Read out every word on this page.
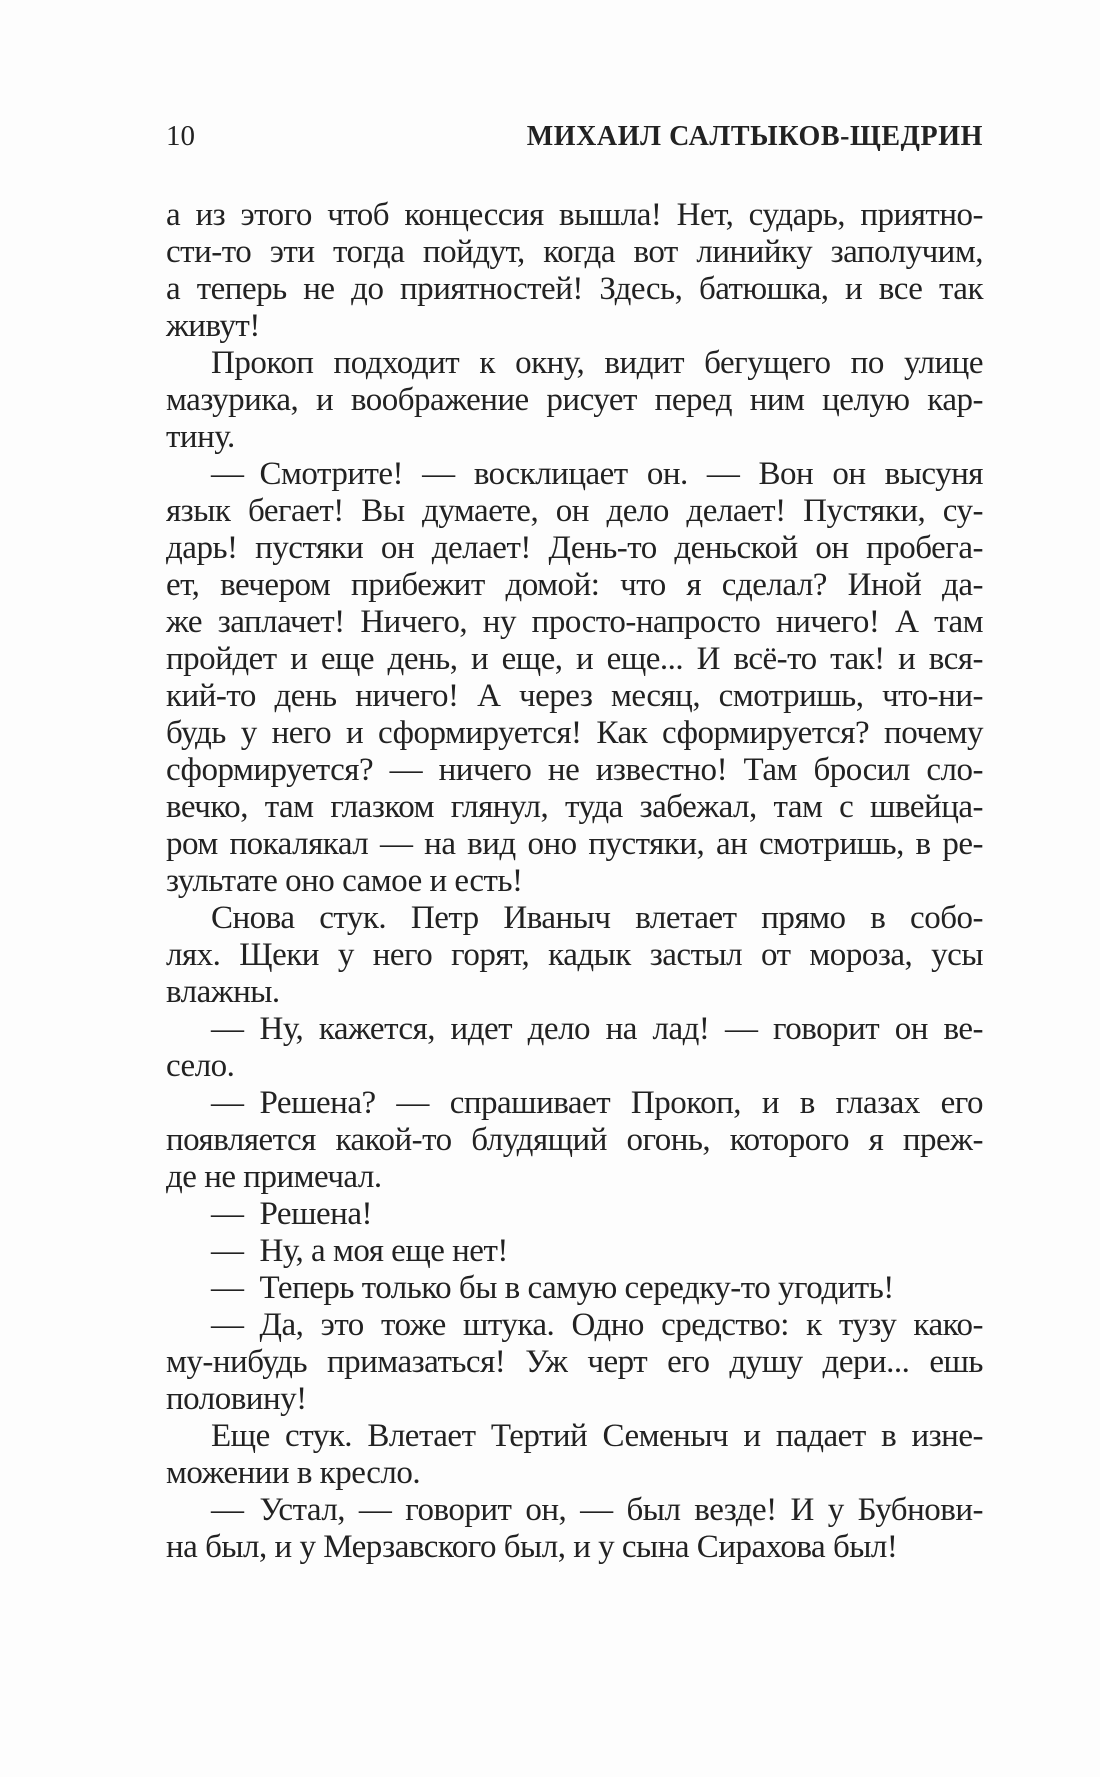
10	МИХАИЛ САЛТЫКОВ-ЩЕДРИН
а из этого чтоб концессия вышла! Нет, сударь, приятно-
сти-то эти тогда пойдут, когда вот линийку заполучим,
а теперь не до приятностей! Здесь, батюшка, и все так
живут!
Прокоп подходит к окну, видит бегущего по улице
мазурика, и воображение рисует перед ним целую кар-
тину.
— Смотрите! — восклицает он. — Вон он высуня
язык бегает! Вы думаете, он дело делает! Пустяки, су-
дарь! пустяки он делает! День-то деньской он пробега-
ет, вечером прибежит домой: что я сделал? Иной да-
же заплачет! Ничего, ну просто-напросто ничего! А там
пройдет и еще день, и еще, и еще... И всё-то так! и вся-
кий-то день ничего! А через месяц, смотришь, что-ни-
будь у него и сформируется! Как сформируется? почему
сформируется? — ничего не известно! Там бросил сло-
вечко, там глазком глянул, туда забежал, там с швейца-
ром покалякал — на вид оно пустяки, ан смотришь, в ре-
зультате оно самое и есть!
Снова стук. Петр Иваныч влетает прямо в собо-
лях. Щеки у него горят, кадык застыл от мороза, усы
влажны.
— Ну, кажется, идет дело на лад! — говорит он ве-
село.
— Решена? — спрашивает Прокоп, и в глазах его
появляется какой-то блудящий огонь, которого я преж-
де не примечал.
— Решена!
— Ну, а моя еще нет!
— Теперь только бы в самую середку-то угодить!
— Да, это тоже штука. Одно средство: к тузу како-
му-нибудь примазаться! Уж черт его душу дери... ешь
половину!
Еще стук. Влетает Тертий Семеныч и падает в изне-
можении в кресло.
— Устал, — говорит он, — был везде! И у Бубнови-
на был, и у Мерзавского был, и у сына Сирахова был!
